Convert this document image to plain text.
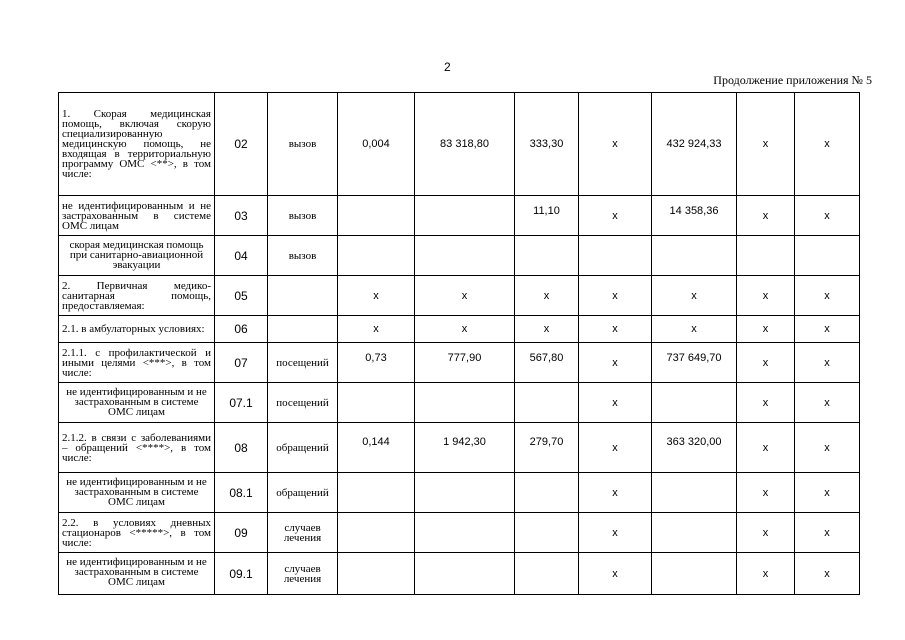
2
Продолжение приложения № 5
1. Скорая медицинская помощь, включая скорую специализированную медицинскую помощь, не входящая в территориальную программу ОМС <**>, в том числе:	02	вызов	0,004	83 318,80	333,30	x	432 924,33	x	x
не идентифицированным и не застрахованным в системе ОМС лицам	03	вызов			11,10	x	14 358,36	x	x
скорая медицинская помощь при санитарно-авиационной эвакуации	04	вызов							
2. Первичная медико-санитарная помощь, предоставляемая:	05		x	x	x	x	x	x	x
2.1. в амбулаторных условиях:	06		x	x	x	x	x	x	x
2.1.1. с профилактической и иными целями <***>, в том числе:	07	посещений	0,73	777,90	567,80	x	737 649,70	x	x
не идентифицированным и не застрахованным в системе ОМС лицам	07.1	посещений				x		x	x
2.1.2. в связи с заболеваниями – обращений <****>, в том числе:	08	обращений	0,144	1 942,30	279,70	x	363 320,00	x	x
не идентифицированным и не застрахованным в системе ОМС лицам	08.1	обращений				x		x	x
2.2. в условиях дневных стационаров <*****>, в том числе:	09	случаев лечения				x		x	x
не идентифицированным и не застрахованным в системе ОМС лицам	09.1	случаев лечения				x		x	x
